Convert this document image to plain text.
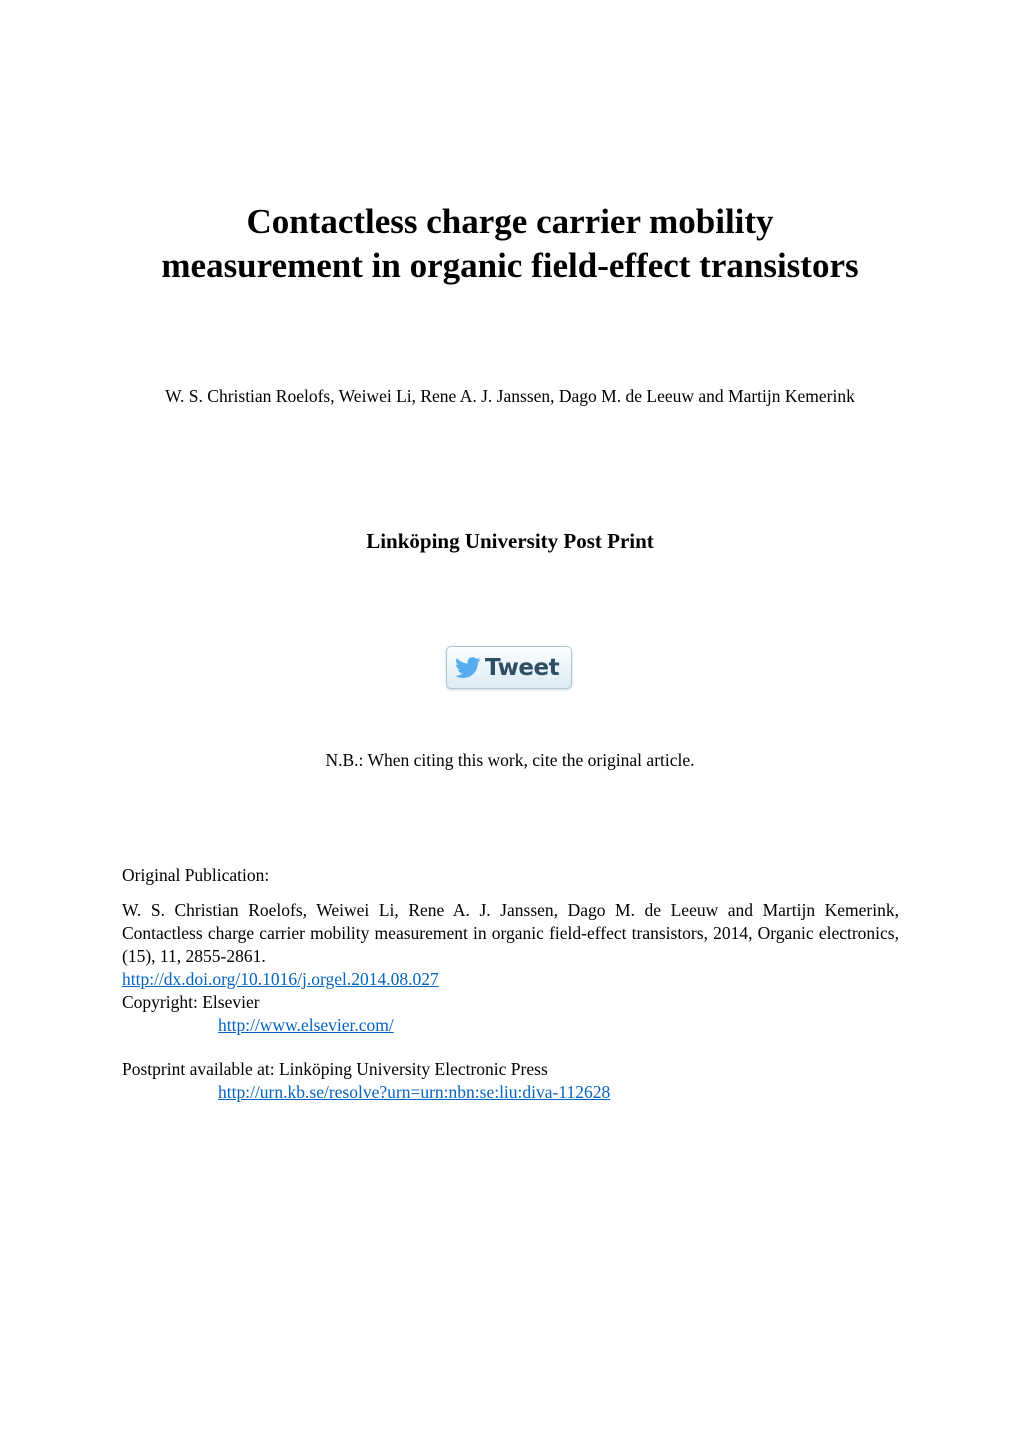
Contactless charge carrier mobility
measurement in organic field-effect transistors
W. S. Christian Roelofs, Weiwei Li, Rene A. J. Janssen, Dago M. de Leeuw and Martijn Kemerink
Linköping University Post Print
Tweet
N.B.: When citing this work, cite the original article.

Original Publication:

W. S. Christian Roelofs, Weiwei Li, Rene A. J. Janssen, Dago M. de Leeuw and Martijn Kemerink, Contactless charge carrier mobility measurement in organic field-effect transistors, 2014, Organic electronics, (15), 11, 2855-2861.

http://dx.doi.org/10.1016/j.orgel.2014.08.027

Copyright: Elsevier

http://www.elsevier.com/

Postprint available at: Linköping University Electronic Press

http://urn.kb.se/resolve?urn=urn:nbn:se:liu:diva-112628
